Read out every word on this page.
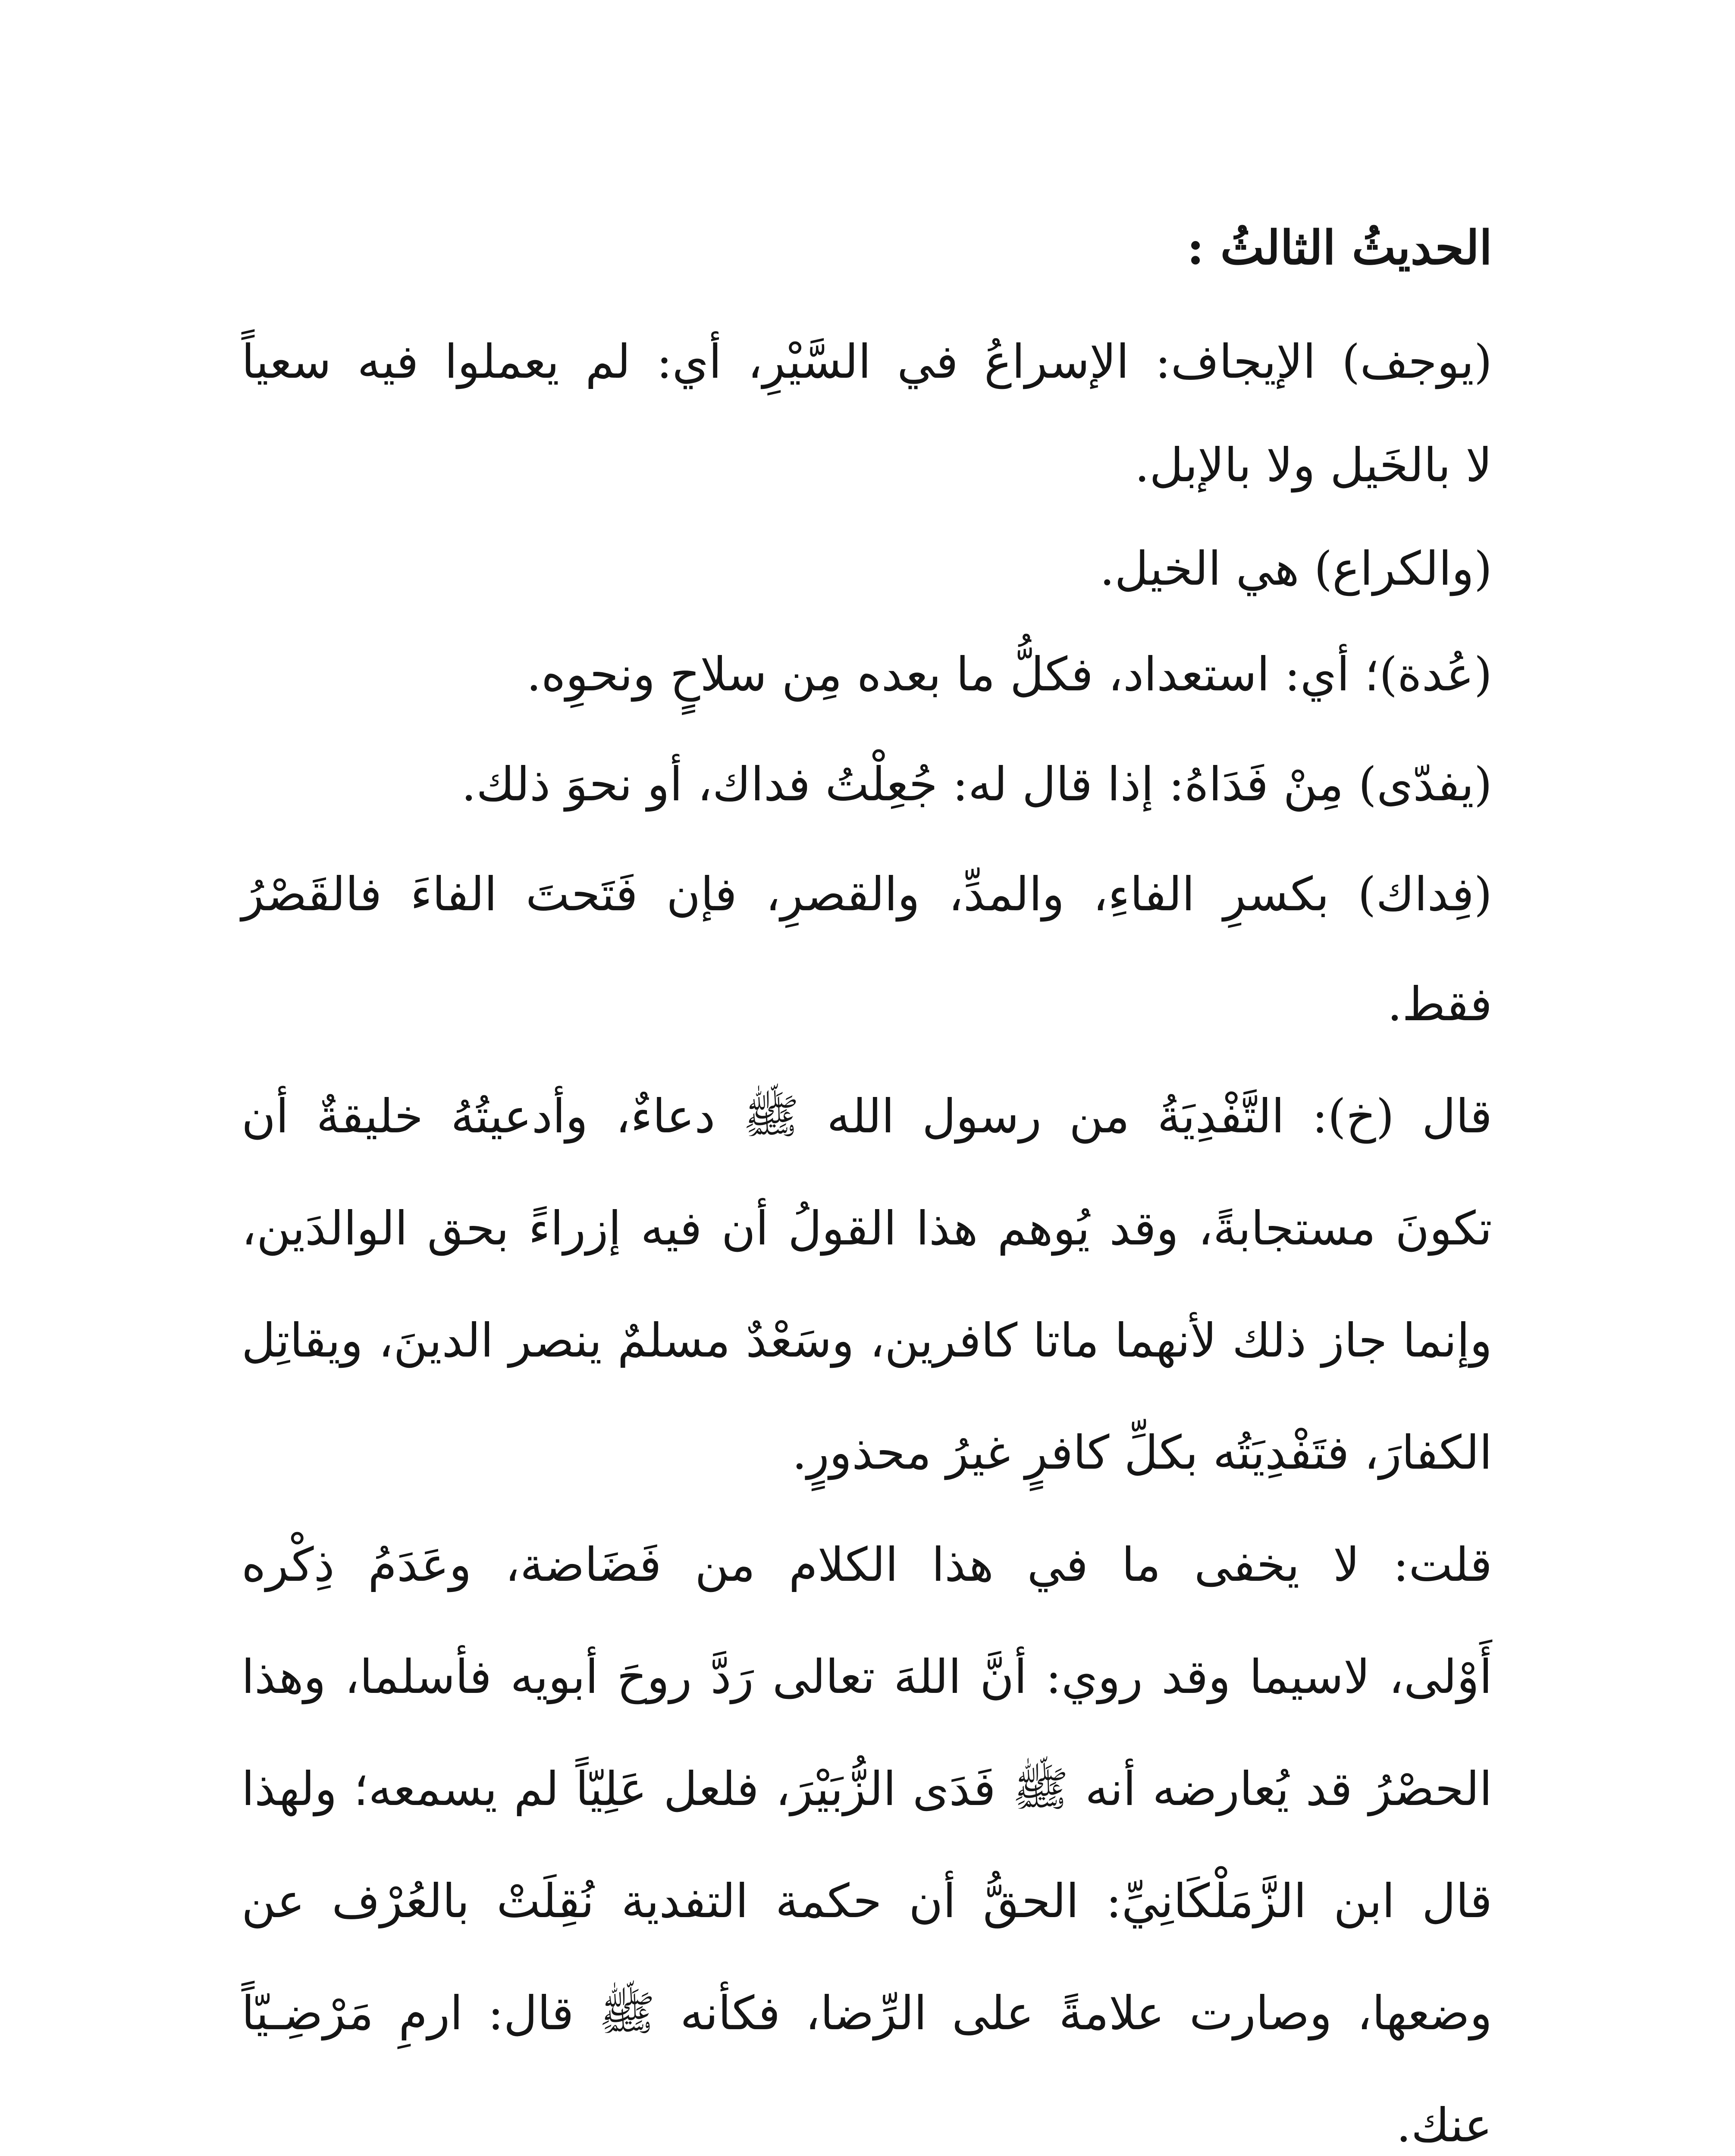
الحديثُ الثالثُ :
(يوجف) الإيجاف: الإسراعُ في السَّيْرِ، أي: لم يعملوا فيه سعياً
لا بالخَيل ولا بالإبل.
(والكراع) هي الخيل.
(عُدة)؛ أي: استعداد، فكلُّ ما بعده مِن سلاحٍ ونحوِه.
(يفدّى) مِنْ فَدَاهُ: إذا قال له: جُعِلْتُ فداك، أو نحوَ ذلك.
(فِداك) بكسرِ الفاءِ، والمدِّ، والقصرِ، فإن فَتَحتَ الفاءَ فالقَصْرُ
فقط.
قال (خ): التَّفْدِيَةُ من رسول الله ﷺ دعاءٌ، وأدعيتُهُ خليقةٌ أن
تكونَ مستجابةً، وقد يُوهم هذا القولُ أن فيه إزراءً بحق الوالدَين،
وإنما جاز ذلك لأنهما ماتا كافرين، وسَعْدٌ مسلمٌ ينصر الدينَ، ويقاتِل
الكفارَ، فتَفْدِيَتُه بكلِّ كافرٍ غيرُ محذورٍ.
قلت: لا يخفى ما في هذا الكلام من فَضَاضة، وعَدَمُ ذِكْره
أَوْلى، لاسيما وقد روي: أنَّ اللهَ تعالى رَدَّ روحَ أبويه فأسلما، وهذا
الحصْرُ قد يُعارضه أنه ﷺ فَدَى الزُّبَيْرَ، فلعل عَلِيّاً لم يسمعه؛ ولهذا
قال ابن الزَّمَلْكَانِيِّ: الحقُّ أن حكمة التفدية نُقِلَتْ بالعُرْف عن
وضعها، وصارت علامةً على الرِّضا، فكأنه ﷺ قال: ارمِ مَرْضِـيّاً
عنك.
